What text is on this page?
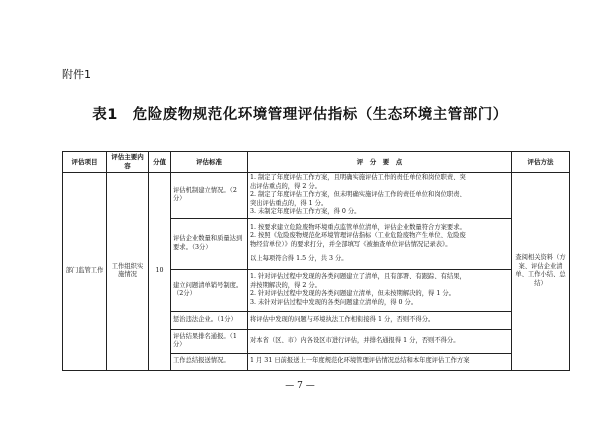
附件1
表1　危险废物规范化环境管理评估指标（生态环境主管部门）
评估项目	评估主要内容	分值	评估标准	评　分　要　点	评估方法
部门监管工作	工作组织实施情况	10	评估机制建立情况。（2分）	1. 制定了年度评估工作方案，且明确实施评估工作的责任单位和岗位职责、突
出评估重点的，得 2 分。
2. 制定了年度评估工作方案，但未明确实施评估工作的责任单位和岗位职责、
突出评估重点的，得 1 分。
3. 未制定年度评估工作方案，得 0 分。	查阅相关资料（方案、评估企业清单、工作小结、总结）
			评估企业数量和质量达到要求。（3分）	1. 按要求建立危险废物环境重点监管单位清单，评估企业数量符合方案要求。
2. 按照《危险废物规范化环境管理评估指标（工业危险废物产生单位、危险废
物经营单位）》的要求打分，并全部填写《被抽查单位评估情况记录表》。
以上每项符合得 1.5 分，共 3 分。	

			建立问题清单销号制度。（2分）	1. 针对评估过程中发现的各类问题建立了清单，且有部署、有跟踪、有结果，
并按期解决的，得 2 分。
2. 针对评估过程中发现的各类问题建立清单，但未按期解决的，得 1 分。
3. 未针对评估过程中发现的各类问题建立清单的，得 0 分。	

			惩治违法企业。（1分）	将评估中发现的问题与环境执法工作相衔接得 1 分，否则不得分。	

			评估结果排名通报。（1分）	对本省（区、市）内各设区市进行评估，并排名通报得 1 分，否则不得分。	

			工作总结报送情况。	1 月 31 日前报送上一年度规范化环境管理评估情况总结和本年度评估工作方案	
— 7 —
